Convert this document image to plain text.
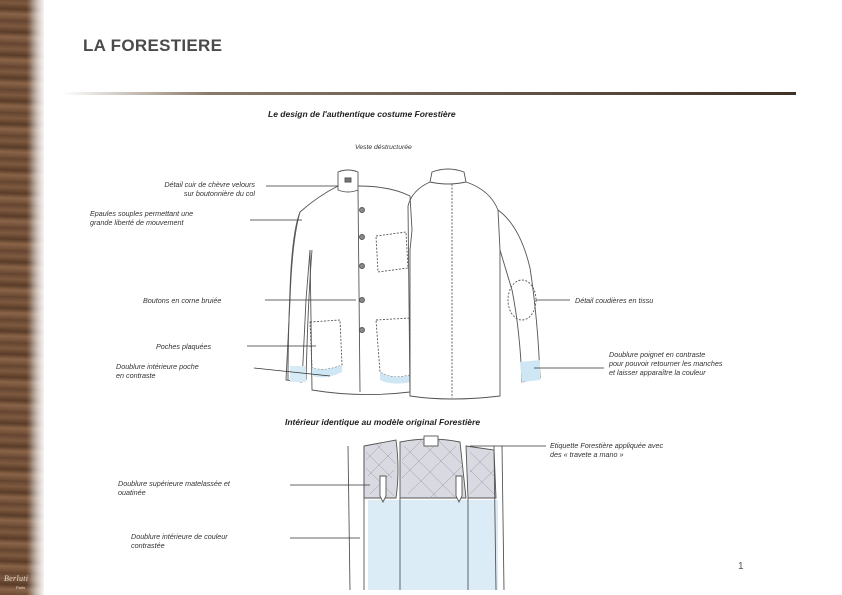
Berluti
Paris
LA FORESTIERE
Le design de l'authentique costume Forestière
Veste déstructurée
Intérieur identique au modèle original Forestière
Détail cuir de chèvre velours
sur boutonnière du col
Epaules souples permettant une
grande liberté de mouvement
Boutons en corne bruiée
Poches plaquées
Doublure intérieure poche
en contraste
Détail coudières en tissu
Doublure poignet en contraste
pour pouvoir retourner les manches
et laisser apparaître la couleur
Etiquette Forestière appliquée avec
des « travete a mano »
Doublure supérieure matelassée et
ouatinée
Doublure intérieure de couleur
contrastée
1
